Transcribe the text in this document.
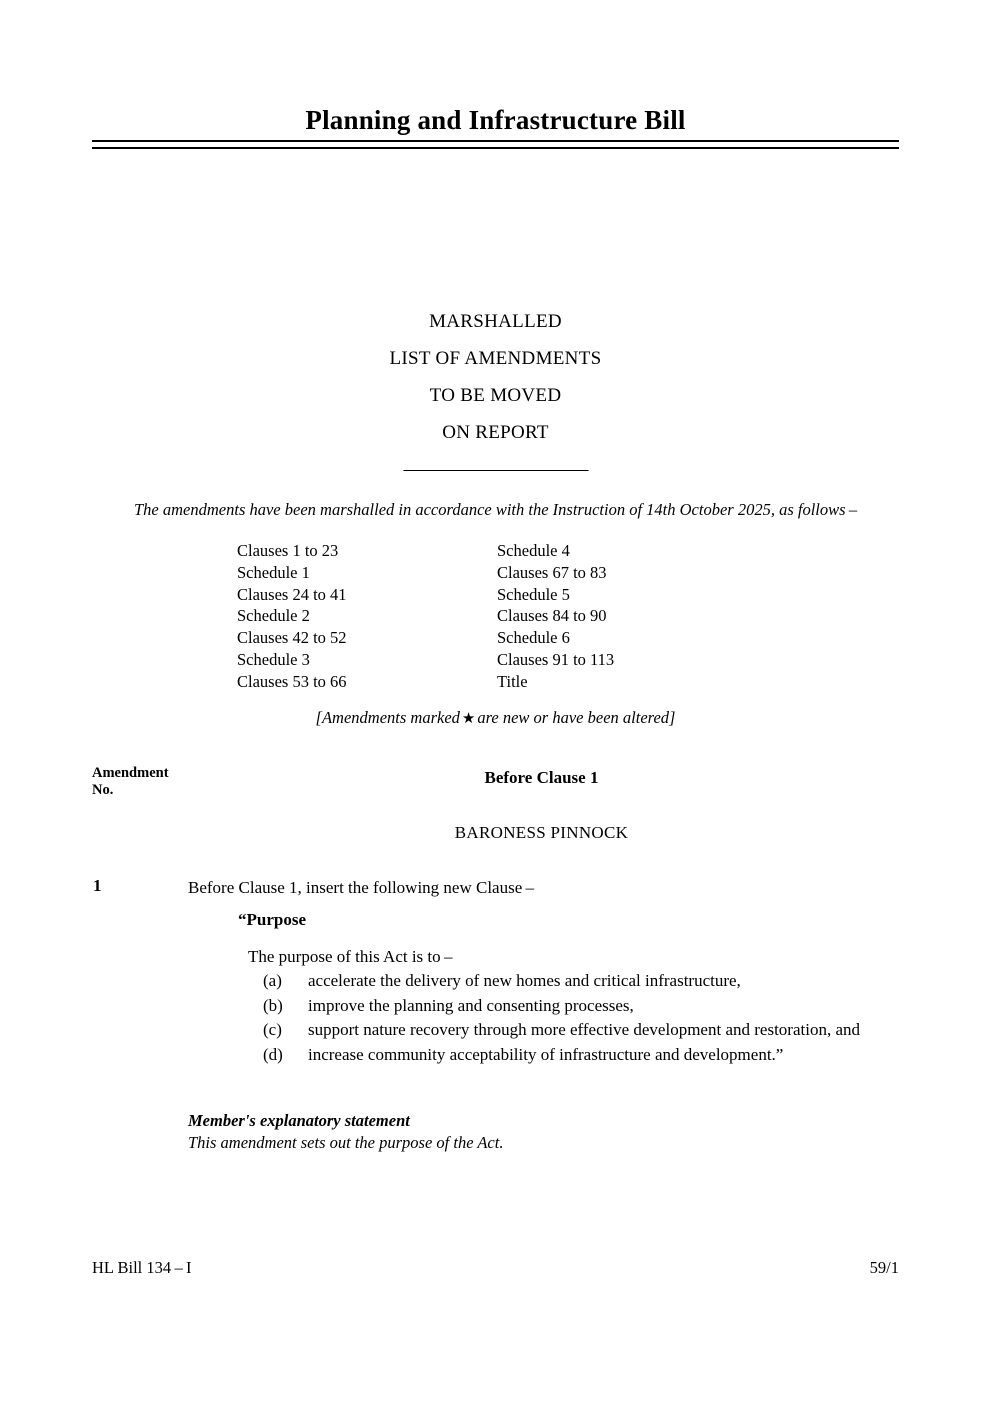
Planning and Infrastructure Bill
MARSHALLED
LIST OF AMENDMENTS
TO BE MOVED
ON REPORT
The amendments have been marshalled in accordance with the Instruction of 14th October 2025, as follows –
Clauses 1 to 23	Schedule 4
Schedule 1	Clauses 67 to 83
Clauses 24 to 41	Schedule 5
Schedule 2	Clauses 84 to 90
Clauses 42 to 52	Schedule 6
Schedule 3	Clauses 91 to 113
Clauses 53 to 66	Title
[Amendments marked ★ are new or have been altered]
Amendment
No.
Before Clause 1
BARONESS PINNOCK
1	Before Clause 1, insert the following new Clause –
“Purpose
The purpose of this Act is to –
(a) accelerate the delivery of new homes and critical infrastructure,
(b) improve the planning and consenting processes,
(c) support nature recovery through more effective development and restoration, and
(d) increase community acceptability of infrastructure and development.”
Member's explanatory statement
This amendment sets out the purpose of the Act.
HL Bill 134 – I	59/1
